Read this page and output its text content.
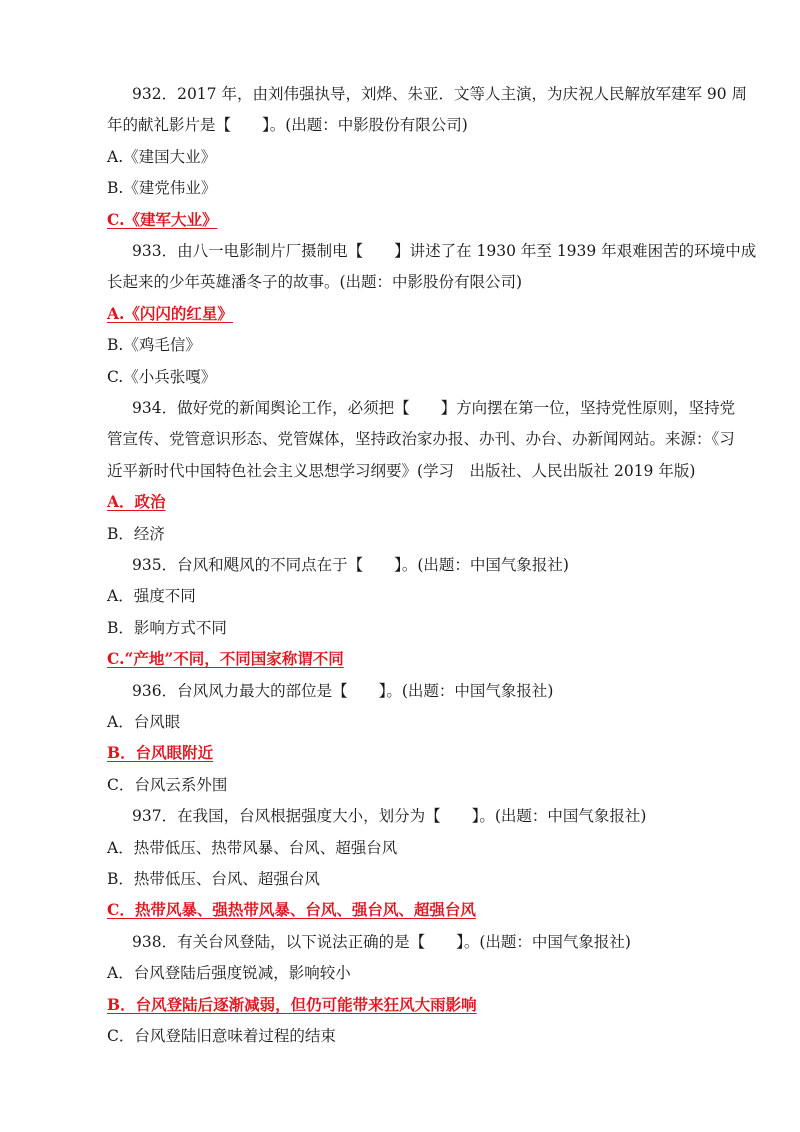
932．2017 年，由刘伟强执导，刘烨、朱亚．文等人主演，为庆祝人民解放军建军 90 周
年的献礼影片是【　　】。(出题：中影股份有限公司)
A.《建国大业》
B.《建党伟业》
C.《建军大业》
933．由八一电影制片厂摄制电【　　】讲述了在 1930 年至 1939 年艰难困苦的环境中成
长起来的少年英雄潘冬子的故事。(出题：中影股份有限公司)
A.《闪闪的红星》
B.《鸡毛信》
C.《小兵张嘎》
934．做好党的新闻舆论工作，必须把【　　】方向摆在第一位，坚持党性原则，坚持党
管宣传、党管意识形态、党管媒体，坚持政治家办报、办刊、办台、办新闻网站。来源：《习
近平新时代中国特色社会主义思想学习纲要》(学习　出版社、人民出版社 2019 年版)
A．政治
B．经济
935．台风和飓风的不同点在于【　　】。(出题：中国气象报社)
A．强度不同
B．影响方式不同
C.“产地”不同，不同国家称谓不同
936．台风风力最大的部位是【　　】。(出题：中国气象报社)
A．台风眼
B．台风眼附近
C．台风云系外围
937．在我国，台风根据强度大小，划分为【　　】。(出题：中国气象报社)
A．热带低压、热带风暴、台风、超强台风
B．热带低压、台风、超强台风
C．热带风暴、强热带风暴、台风、强台风、超强台风
938．有关台风登陆，以下说法正确的是【　　】。(出题：中国气象报社)
A．台风登陆后强度锐减，影响较小
B．台风登陆后逐渐减弱，但仍可能带来狂风大雨影响
C．台风登陆旧意味着过程的结束
